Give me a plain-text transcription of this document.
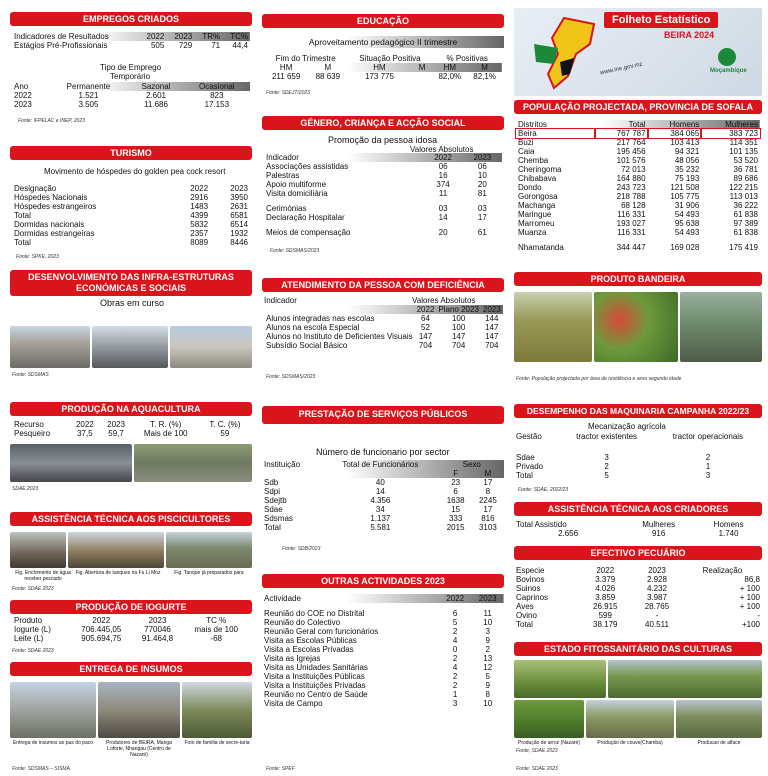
EMPREGOS CRIADOS
Indicadores de Resultados	2022	2023	TR%	TC%
Estágios Pré-Profissionais	505	729	71	44,4
Tipo de Emprego
Temporário
Ano	Permanente	Sazonal	Ocasional
2022	1.521	2.601	823
2023	3.505	11.686	17.153
Fonte: IFPELAC e INEP, 2023
TURISMO
Movimento de hóspedes do golden pea cock resort
Designação	2022	2023
Hóspedes Nacionais	2916	3950
Hóspedes estrangeiros	1483	2631
Total	4399	6581
Dormidas nacionais	5832	6514
Dormidas estrangeiras	2357	1932
Total	8089	8446
Fonte: SPKE, 2023
DESENVOLVIMENTO DAS INFRA-ESTRUTURAS ECONÓMICAS E SOCIAIS
Obras em curso
Fonte: SDSMAS
PRODUÇÃO NA AQUACULTURA
Recurso	2022	2023	T. R. (%)	T. C. (%)
Pesqueiro	37,5	59,7	Mais de 100	59
SDAE,2023
ASSISTÊNCIA TÉCNICA AOS PISCICULTORES
Fig. Enchimento de água receber pescado
Fig. Abertura de tanques na Fu Li Moz	Fig. Tanque já preparados para
Fonte: SDAE 2023
PRODUÇÃO DE IOGURTE
Produto	2022	2023	TC %
Iogurte (L)	706.445,05	770046	mais de 100
Leite (L)	905.694,75	91.464,8	-68
Fonte: SDAE 2023
ENTREGA DE INSUMOS
Entrega de insumos ao pas do paco	Produtores de BEIRA, Manga Loforte, Nhangau (Centro de Nazaré)
Foto de família de secre-taria
Fonte: SDSMAS – SISMA
EDUCAÇÃO
Aproveitamento pedagógico II trimestre
Fim do Trimestre		Situação Positiva		% Positivas	
HM	M	HM	M	HM	M
211 659	88 639	173 775		82,0%	82,1%
Fonte: SDEJT/2023
GÉNERO, CRIANÇA E ACÇÃO SOCIAL
Promoção da pessoa idosa
Valores Absolutos
Indicador	2022	2023
Associações assistidas	06	06
Palestras	16	10
Apoio multiforme	374	20
Visita domiciliária	11	81
Cerimónias	03	03
Declaração Hospitalar	14	17
Meios de compensação	20	61
Fonte: SDSMAS/2023
ATENDIMENTO DA PESSOA COM DEFICIÊNCIA
Valores Absolutos
Indicador
	2022	Plano 2023	2023
Alunos integradas nas escolas	64	100	144
Alunos na escola Especial	52	100	147
Alunos no Instituto de Deficientes Visuais	147	147	147
Subsídio Social Básico	704	704	704
Fonte: SDSMAS/2023
PRESTAÇÃO DE SERVIÇOS PÚBLICOS
Número de funcionario por sector
Instituição	Total de Funcionários	Sexo	
		F	M
Sdb	40	23	17
Sdpi	14	6	8
Sdejtb	4.356	1638	2245
Sdae	34	15	17
Sdsmas	1.137	333	816
Total	5.581	2015	3103
Fonte: SDB/2023
OUTRAS ACTIVIDADES 2023
Actividade	2022	2023
Reunião do COE no Distrital	6	11
Reunião do Colectivo	5	10
Reunião Geral com funcionários	2	3
Visita as Escolas Públicas	4	9
Visita a Escolas Privadas	0	2
Visita as Igrejas	2	13
Visita as Unidades Sanitárias	4	12
Visita a Instituições Públicas	2	5
Visita a Instituições Privadas	2	9
Reunião no Centro de Saúde	1	8
Visita de Campo	3	10
Fonte: SPEF
Folheto Estatístico
BEIRA 2024
www.ine.gov.mz	Moçambique
POPULAÇÃO PROJECTADA, PROVINCIA DE SOFALA
Distritos	Total	Homens	Mulheres
Beira	767 787	384 065	383 723
Buzi	217 764	103 413	114 351
Caia	195 456	94 321	101 135
Chemba	101 576	48 056	53 520
Cheringoma	72 013	35 232	36 781
Chibabava	164 880	75 193	89 686
Dondo	243 723	121 508	122 215
Gorongosa	218 788	105 775	113 013
Machanga	68 128	31 906	36 222
Maringue	116 331	54 493	61 838
Marromeu	193 027	95 638	97 389
Muanza	116 331	54 493	61 838
Nhamatanda	344 447	169 028	175 419
PRODUTO BANDEIRA
Fonte: População projectada por área de residência e sexo segundo idade
DESEMPENHO DAS MAQUINARIA CAMPANHA 2022/23
Mecanização agrícola
Gestão	tractor existentes	tractor operacionais
Sdae	3	2
Privado	2	1
Total	5	3
Fonte: SDAE, 2022/23
ASSISTÊNCIA TÉCNICA AOS CRIADORES
Total Assistido	Mulheres	Homens
2.656	916	1.740
EFECTIVO PECUÁRIO
Especie	2022	2023	Realização
Bovinos	3.379	2.928	86,8
Suinos	4.026	4.232	+ 100
Caprinos	3.859	3.987	+ 100
Aves	26.915	28.765	+ 100
Ovino	599	-	-
Total	38.179	40.511	+100
ESTADO FITOSSANITÁRIO DAS CULTURAS
Produção de arroz (Nazaré)	Produção de couve(Chamba)	Producao de alface
Fonte, SDAE 2023
Fonte: SDAE 2023
